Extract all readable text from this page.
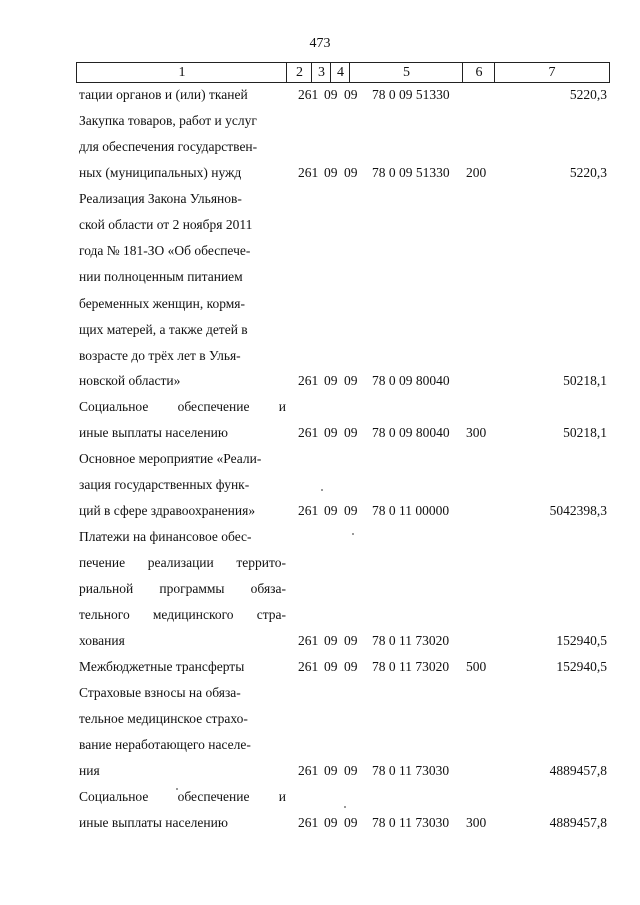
473
1	2	3 4	5	6	7
тации органов и (или) тканей	261 09 09 78 0 09 51330	5220,3
Закупка товаров, работ и услуг
для обеспечения государствен-
ных (муниципальных) нужд	261 09 09 78 0 09 51330 200	5220,3
Реализация Закона Ульянов-
ской области от 2 ноября 2011
года № 181-ЗО «Об обеспече-
нии полноценным питанием
беременных женщин, кормя-
щих матерей, а также детей в
возрасте до трёх лет в Улья-
новской области»	261 09 09 78 0 09 80040	50218,1
Социальное обеспечение и
иные выплаты населению	261 09 09 78 0 09 80040 300	50218,1
Основное мероприятие «Реали-
зация государственных функ-
ций в сфере здравоохранения»	261 09 09 78 0 11 00000	5042398,3
Платежи на финансовое обес-
печение реализации террито-
риальной программы обяза-
тельного медицинского стра-
хования	261 09 09 78 0 11 73020	152940,5
Межбюджетные трансферты	261 09 09 78 0 11 73020 500	152940,5
Страховые взносы на обяза-
тельное медицинское страхо-
вание неработающего населе-
ния	261 09 09 78 0 11 73030	4889457,8
Социальное обеспечение и
иные выплаты населению	261 09 09 78 0 11 73030 300	4889457,8
